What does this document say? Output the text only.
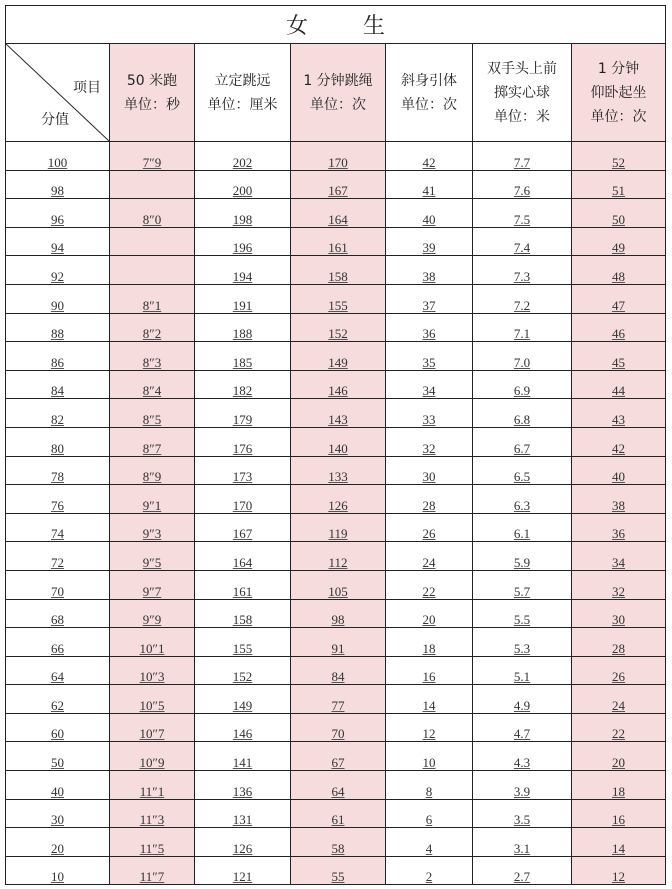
女 生						

项目
分值

50 米跑
单位：秒

立定跳远
单位：厘米

1 分钟跳绳
单位：次

斜身引体
单位：次

双手头上前
掷实心球
单位：米

1 分钟
仰卧起坐
单位：次

100	7″9	202	170	42	7.7	52
98		200	167	41	7.6	51
96	8″0	198	164	40	7.5	50
94		196	161	39	7.4	49
92		194	158	38	7.3	48
90	8″1	191	155	37	7.2	47
88	8″2	188	152	36	7.1	46
86	8″3	185	149	35	7.0	45
84	8″4	182	146	34	6.9	44
82	8″5	179	143	33	6.8	43
80	8″7	176	140	32	6.7	42
78	8″9	173	133	30	6.5	40
76	9″1	170	126	28	6.3	38
74	9″3	167	119	26	6.1	36
72	9″5	164	112	24	5.9	34
70	9″7	161	105	22	5.7	32
68	9″9	158	98	20	5.5	30
66	10″1	155	91	18	5.3	28
64	10″3	152	84	16	5.1	26
62	10″5	149	77	14	4.9	24
60	10″7	146	70	12	4.7	22
50	10″9	141	67	10	4.3	20
40	11″1	136	64	8	3.9	18
30	11″3	131	61	6	3.5	16
20	11″5	126	58	4	3.1	14
10	11″7	121	55	2	2.7	12
